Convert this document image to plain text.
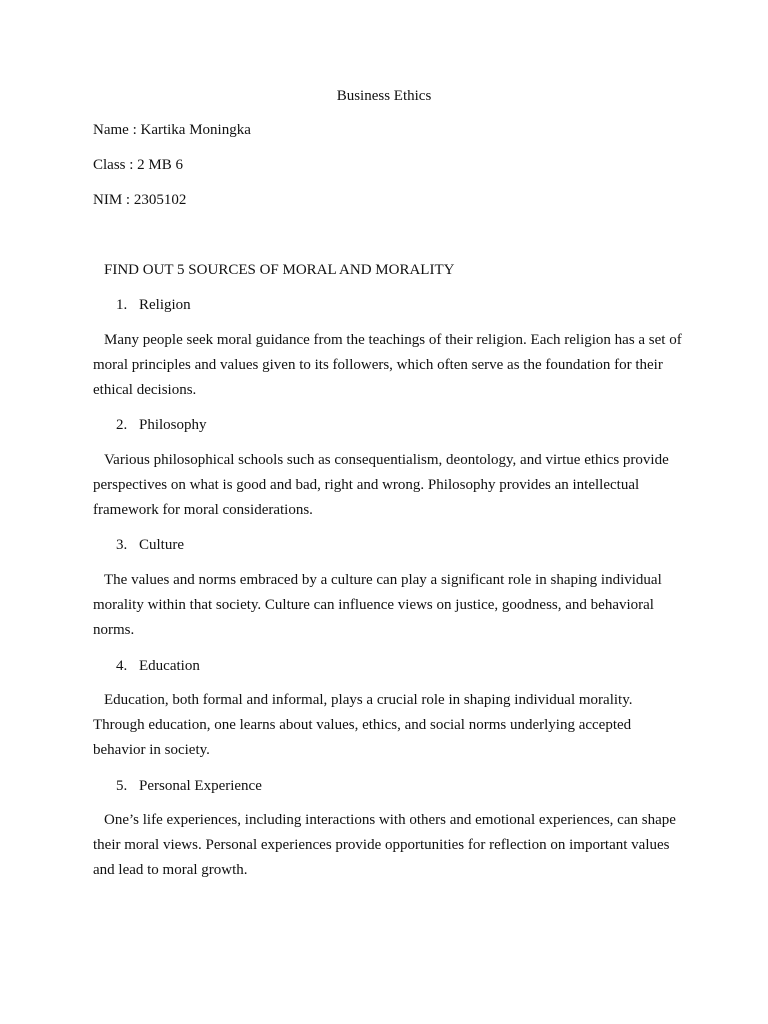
Business Ethics
Name : Kartika Moningka
Class : 2 MB 6
NIM : 2305102
FIND OUT 5 SOURCES OF MORAL AND MORALITY
1. Religion
Many people seek moral guidance from the teachings of their religion. Each religion has a set of moral principles and values given to its followers, which often serve as the foundation for their ethical decisions.
2. Philosophy
Various philosophical schools such as consequentialism, deontology, and virtue ethics provide perspectives on what is good and bad, right and wrong. Philosophy provides an intellectual framework for moral considerations.
3. Culture
The values and norms embraced by a culture can play a significant role in shaping individual morality within that society. Culture can influence views on justice, goodness, and behavioral norms.
4. Education
Education, both formal and informal, plays a crucial role in shaping individual morality. Through education, one learns about values, ethics, and social norms underlying accepted behavior in society.
5. Personal Experience
One’s life experiences, including interactions with others and emotional experiences, can shape their moral views. Personal experiences provide opportunities for reflection on important values and lead to moral growth.
